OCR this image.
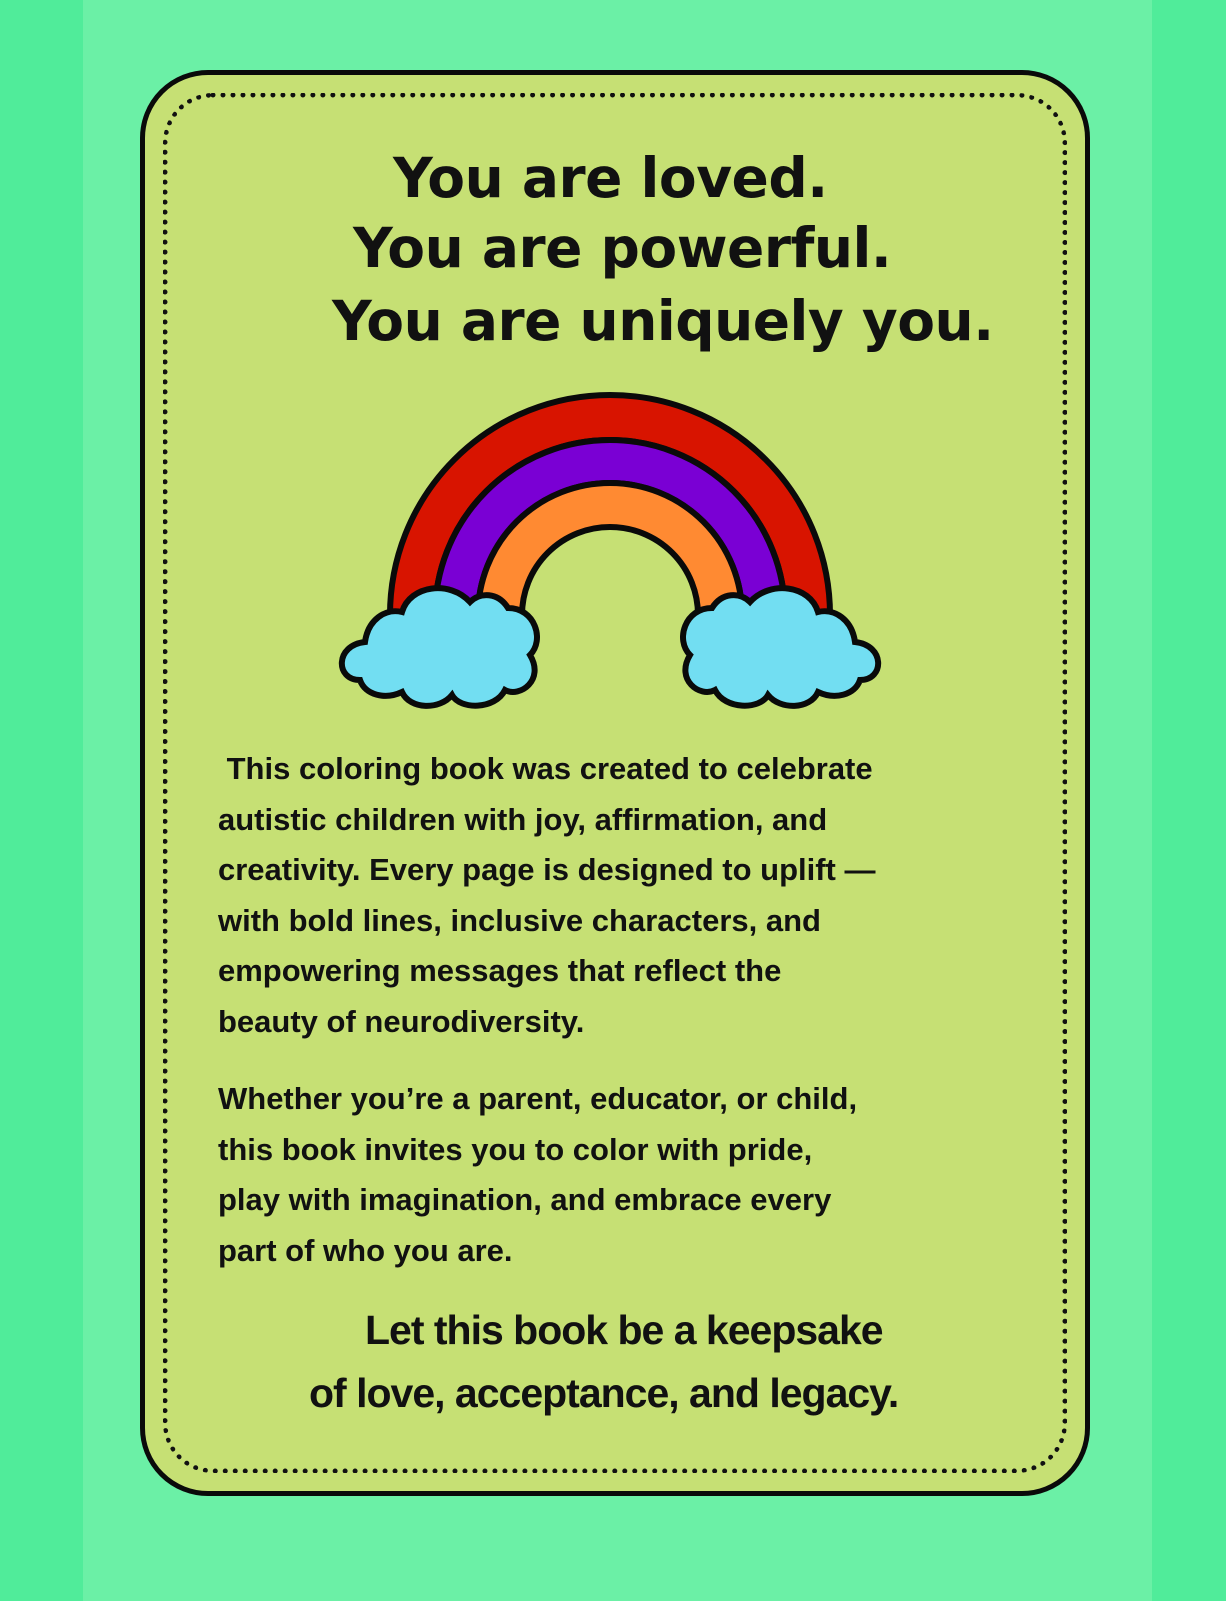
You are loved.
You are powerful.
You are uniquely you.
This coloring book was created to celebrate
autistic children with joy, affirmation, and
creativity. Every page is designed to uplift —
with bold lines, inclusive characters, and
empowering messages that reflect the
beauty of neurodiversity.
Whether you’re a parent, educator, or child,
this book invites you to color with pride,
play with imagination, and embrace every
part of who you are.
Let this book be a keepsake
of love, acceptance, and legacy.
